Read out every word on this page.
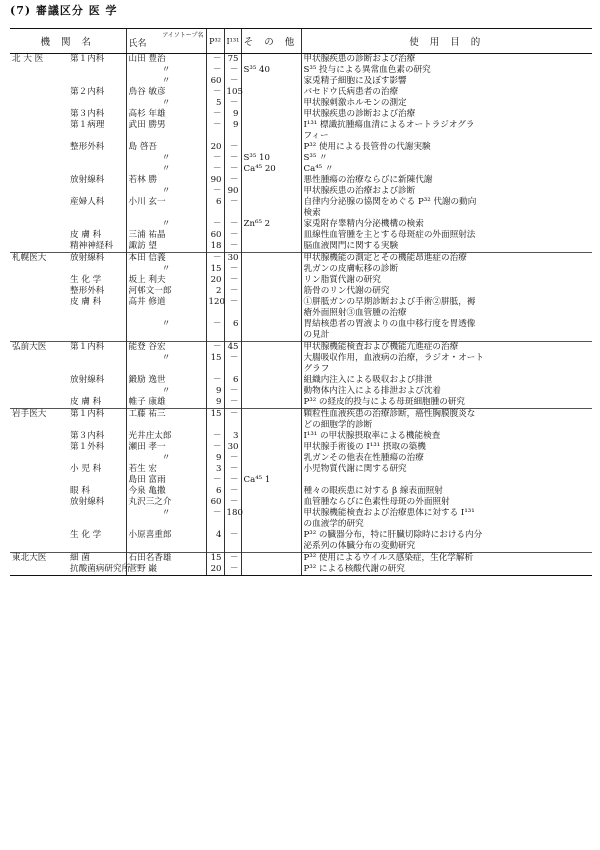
(7) 審議区分 医 学
機 関 名		アイソトープ名
氏名	P³²	I¹³¹	そ の 他	使 用 目 的
北 大 医	第１内科	山田 豊治	－	75		甲状腺疾患の診断および治療
		〃	－	－	S³⁵ 40	S³⁵ 投与による異常血色素の研究
		〃	60	－		家兎精子細胞に及ぼす影響
	第２内科	鳥谷 敏彦	－	105		バセドウ氏病患者の治療
		〃	5	－		甲状腺刺激ホルモンの測定
	第３内科	高杉 年雄	－	9		甲状腺疾患の診断および治療
	第１病理	武田 勝男	－	9		I¹³¹ 標識抗腫瘍血清によるオートラジオグラ
						フィー
	整形外科	島 啓吾	20	－		P³² 使用による長管骨の代謝実験
		〃	－	－	S³⁵ 10	S³⁵ 〃
		〃	－	－	Ca⁴⁵ 20	Ca⁴⁵ 〃
	放射線科	若林 勝	90	－		悪性腫瘍の治療ならびに新陳代謝
		〃	－	90		甲状腺疾患の治療および診断
	産婦人科	小川 玄一	6	－		自律内分泌腺の協関をめぐる P³² 代謝の動向
						検索
		〃	－	－	Zn⁶⁵ 2	家兎附存睾精内分泌機構の検索
	皮 膚 科	三浦 祐晶	60	－		皿線性血管腫を主とする母斑症の外面照射法
	精神神経科	諏訪 望	18	－		脳血液関門に関する実験
札幌医大	放射線科	本田 信義	－	30		甲状腺機能の測定とその機能昂進症の治療
		〃	15	－		乳ガンの皮膚転移の診断
	生 化 学	坂上 利夫	20	－		リン脂質代謝の研究
	整形外科	河邨文一郎	2	－		筋骨のリン代謝の研究
	皮 膚 科	高井 修道	120	－		①胼胝ガンの早期診断および手術②胼胝，褥
						瘡外面照射③血管腫の治療
		〃	－	6		胃結核患者の胃液よりの血中移行度を胃透像
						の見計
弘前大医	第１内科	能登 谷宏	－	45		甲状腺機能検査および機能亢進症の治療
		〃	15	－		大腸吸収作用，血液病の治療，ラジオ・オート
						グラフ
	放射線科	鍛励 逸世	－	6		組織内注入による吸収および排泄
		〃	9	－		動物体内注入による排泄および沈着
	皮 膚 科	帷子 康雄	9	－		P³² の経皮的投与による母斑細胞腫の研究
岩手医大	第１内科	工藤 祐三	15	－		顆粒性血液疾患の治療診断，癌性胸膜腹炎な
						どの細胞学的診断
	第３内科	光井庄太郎	－	3		I¹³¹ の甲状腺摂取率による機能検査
	第１外科	瀬田 孝一	－	30		甲状腺手術後の I¹³¹ 摂取の築機
		〃	9	－		乳ガンその他表在性腫瘍の治療
	小 児 科	若生 宏	3	－		小児物質代謝に関する研究
		島田 富雨	－	－	Ca⁴⁵ 1	
	眼 科	今泉 亀撒	6	－		種々の眼疾患に対する β 線表面照射
	放射線科	丸沢三之介	60	－		血管腫ならびに色素性母斑の外面照射
		〃	－	180		甲状腺機能検査および治療患体に対する I¹³¹
						の血液学的研究
	生 化 学	小原喜重郎	4	－		P³² の臓器分布，特に肝臓切除時における内分
						泌系列の体臓分布の変動研究
東北大医	細 菌	石田名香雄	15	－		P³² 使用によるウイルス感染症，生化学解析
	抗酸菌病研究所	菅野 巌	20	－		P³² による核酸代謝の研究
